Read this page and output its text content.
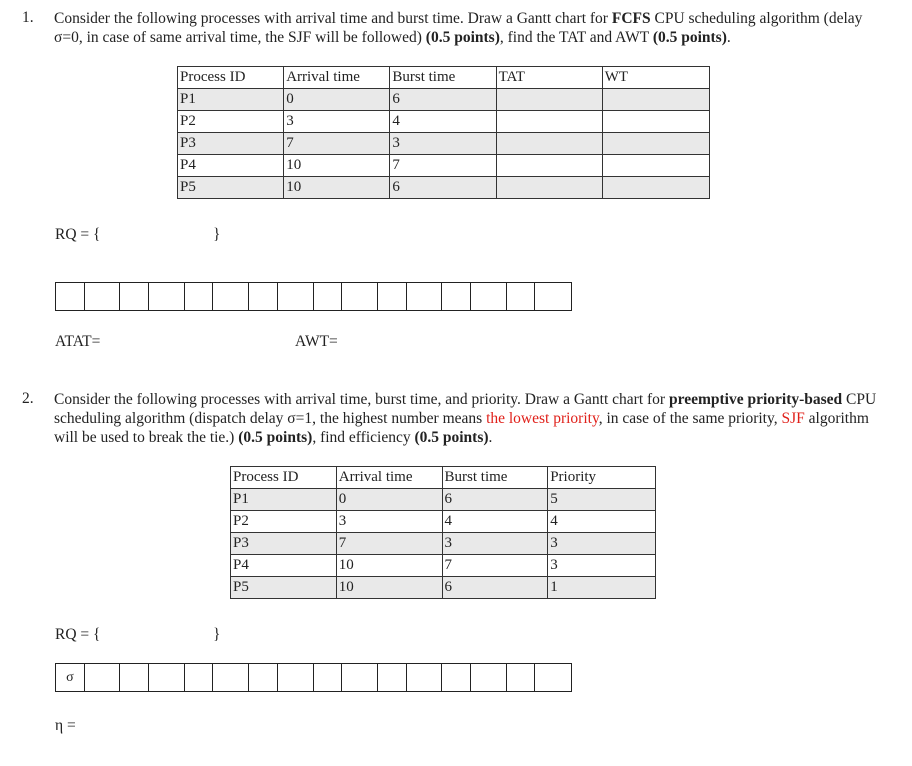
1. Consider the following processes with arrival time and burst time. Draw a Gantt chart for FCFS CPU scheduling algorithm (delay σ=0, in case of same arrival time, the SJF will be followed) (0.5 points), find the TAT and AWT (0.5 points).
Process ID	Arrival time	Burst time	TAT	WT
P1	0	6		
P2	3	4		
P3	7	3		
P4	10	7		
P5	10	6		
RQ = {	}
ATAT=	AWT=
2. Consider the following processes with arrival time, burst time, and priority. Draw a Gantt chart for preemptive priority-based CPU scheduling algorithm (dispatch delay σ=1, the highest number means the lowest priority, in case of the same priority, SJF algorithm will be used to break the tie.) (0.5 points), find efficiency (0.5 points).
Process ID	Arrival time	Burst time	Priority
P1	0	6	5
P2	3	4	4
P3	7	3	3
P4	10	7	3
P5	10	6	1
RQ = {	}
σ
η =
